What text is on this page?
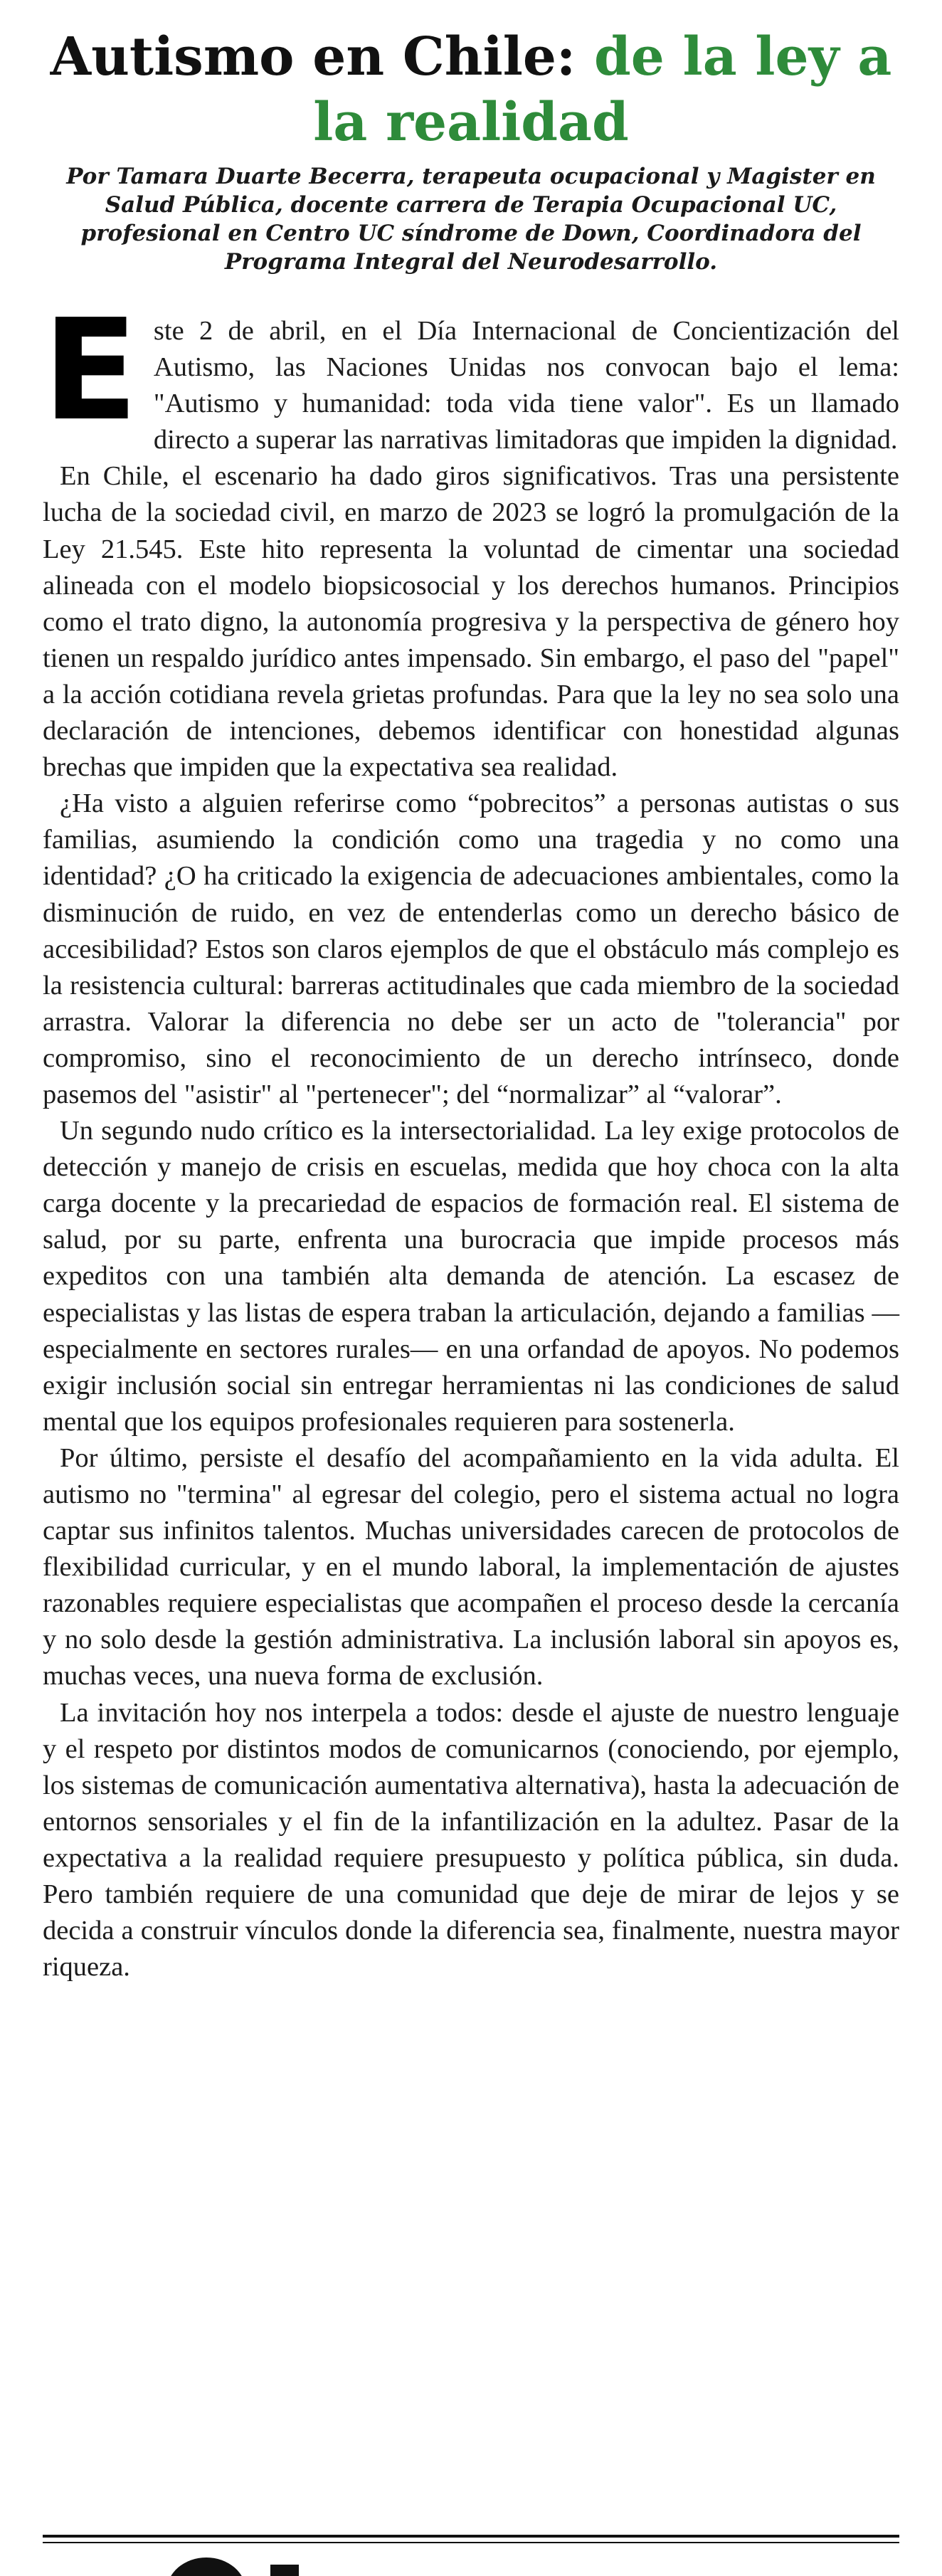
Autismo en Chile: de la ley a la realidad

Por Tamara Duarte Becerra, terapeuta ocupacional y Magister en Salud Pública, docente carrera de Terapia Ocupacional UC, profesional en Centro UC síndrome de Down, Coordinadora del Programa Integral del Neurodesarrollo.

Este 2 de abril, en el Día Internacional de Concientización del Autismo, las Naciones Unidas nos convocan bajo el lema: "Autismo y humanidad: toda vida tiene valor". Es un llamado directo a superar las narrativas limitadoras que impiden la dignidad.

En Chile, el escenario ha dado giros significativos. Tras una persistente lucha de la sociedad civil, en marzo de 2023 se logró la promulgación de la Ley 21.545. Este hito representa la voluntad de cimentar una sociedad alineada con el modelo biopsicosocial y los derechos humanos. Principios como el trato digno, la autonomía progresiva y la perspectiva de género hoy tienen un respaldo jurídico antes impensado. Sin embargo, el paso del "papel" a la acción cotidiana revela grietas profundas. Para que la ley no sea solo una declaración de intenciones, debemos identificar con honestidad algunas brechas que impiden que la expectativa sea realidad.

¿Ha visto a alguien referirse como “pobrecitos” a personas autistas o sus familias, asumiendo la condición como una tragedia y no como una identidad? ¿O ha criticado la exigencia de adecuaciones ambientales, como la disminución de ruido, en vez de entenderlas como un derecho básico de accesibilidad? Estos son claros ejemplos de que el obstáculo más complejo es la resistencia cultural: barreras actitudinales que cada miembro de la sociedad arrastra. Valorar la diferencia no debe ser un acto de "tolerancia" por compromiso, sino el reconocimiento de un derecho intrínseco, donde pasemos del "asistir" al "pertenecer"; del “normalizar” al “valorar”.

Un segundo nudo crítico es la intersectorialidad. La ley exige protocolos de detección y manejo de crisis en escuelas, medida que hoy choca con la alta carga docente y la precariedad de espacios de formación real. El sistema de salud, por su parte, enfrenta una burocracia que impide procesos más expeditos con una también alta demanda de atención. La escasez de especialistas y las listas de espera traban la articulación, dejando a familias — especialmente en sectores rurales— en una orfandad de apoyos. No podemos exigir inclusión social sin entregar herramientas ni las condiciones de salud mental que los equipos profesionales requieren para sostenerla.

Por último, persiste el desafío del acompañamiento en la vida adulta. El autismo no "termina" al egresar del colegio, pero el sistema actual no logra captar sus infinitos talentos. Muchas universidades carecen de protocolos de flexibilidad curricular, y en el mundo laboral, la implementación de ajustes razonables requiere especialistas que acompañen el proceso desde la cercanía y no solo desde la gestión administrativa. La inclusión laboral sin apoyos es, muchas veces, una nueva forma de exclusión.

La invitación hoy nos interpela a todos: desde el ajuste de nuestro lenguaje y el respeto por distintos modos de comunicarnos (conociendo, por ejemplo, los sistemas de comunicación aumentativa alternativa), hasta la adecuación de entornos sensoriales y el fin de la infantilización en la adultez. Pasar de la expectativa a la realidad requiere presupuesto y política pública, sin duda. Pero también requiere de una comunidad que deje de mirar de lejos y se decida a construir vínculos donde la diferencia sea, finalmente, nuestra mayor riqueza.
